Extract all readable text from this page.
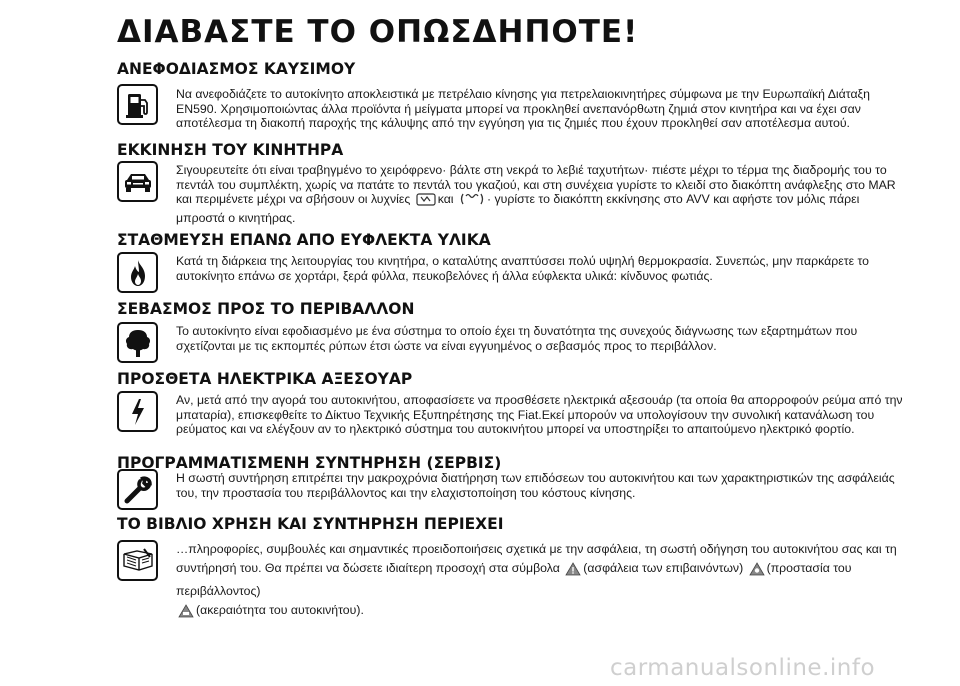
ΔΙΑΒΑΣΤΕ ΤΟ ΟΠΩΣΔΗΠΟΤΕ!
ΑΝΕΦΟΔΙΑΣΜΟΣ ΚΑΥΣΙΜΟΥ

Να ανεφοδιάζετε το αυτοκίνητο αποκλειστικά με πετρέλαιο κίνησης για πετρελαιοκινητήρες σύμφωνα με την Ευρωπαϊκή Διάταξη EN590. Χρησιμοποιώντας άλλα προϊόντα ή μείγματα μπορεί να προκληθεί ανεπανόρθωτη ζημιά στον κινητήρα και να έχει σαν αποτέλεσμα τη διακοπή παροχής της κάλυψης από την εγγύηση για τις ζημιές που έχουν προκληθεί σαν αποτέλεσμα αυτού.

ΕΚΚΙΝΗΣΗ ΤΟΥ ΚΙΝΗΤΗΡΑ

Σιγουρευτείτε ότι είναι τραβηγμένο το χειρόφρενο· βάλτε στη νεκρά το λεβιέ ταχυτήτων· πιέστε μέχρι το τέρμα της διαδρομής του το πεντάλ του συμπλέκτη, χωρίς να πατάτε το πεντάλ του γκαζιού, και στη συνέχεια γυρίστε το κλειδί στο διακόπτη ανάφλεξης στο MAR και περιμένετε μέχρι να σβήσουν οι λυχνίες και	· γυρίστε το διακόπτη εκκίνησης στο AVV και αφήστε τον μόλις πάρει μπροστά ο κινητήρας.

ΣΤΑΘΜΕΥΣΗ ΕΠΑΝΩ ΑΠΟ ΕΥΦΛΕΚΤΑ ΥΛΙΚΑ

Κατά τη διάρκεια της λειτουργίας του κινητήρα, ο καταλύτης αναπτύσσει πολύ υψηλή θερμοκρασία. Συνεπώς, μην παρκάρετε το αυτοκίνητο επάνω σε χορτάρι, ξερά φύλλα, πευκοβελόνες ή άλλα εύφλεκτα υλικά: κίνδυνος φωτιάς.

ΣΕΒΑΣΜΟΣ ΠΡΟΣ ΤΟ ΠΕΡΙΒΑΛΛΟΝ

Το αυτοκίνητο είναι εφοδιασμένο με ένα σύστημα το οποίο έχει τη δυνατότητα της συνεχούς διάγνωσης των εξαρτημάτων που σχετίζονται με τις εκπομπές ρύπων έτσι ώστε να είναι εγγυημένος ο σεβασμός προς το περιβάλλον.

ΠΡΟΣΘΕΤΑ ΗΛΕΚΤΡΙΚΑ ΑΞΕΣΟΥΑΡ

Αν, μετά από την αγορά του αυτοκινήτου, αποφασίσετε να προσθέσετε ηλεκτρικά αξεσουάρ (τα οποία θα απορροφούν ρεύμα από την μπαταρία), επισκεφθείτε το Δίκτυο Τεχνικής Εξυπηρέτησης της Fiat.Εκεί μπορούν να υπολογίσουν την συνολική κατανάλωση του ρεύματος και να ελέγξουν αν το ηλεκτρικό σύστημα του αυτοκινήτου μπορεί να υποστηρίξει το απαιτούμενο ηλεκτρικό φορτίο.

ΠΡΟΓΡΑΜΜΑΤΙΣΜΕΝΗ ΣΥΝΤΗΡΗΣΗ (ΣΕΡΒΙΣ)

Η σωστή συντήρηση επιτρέπει την μακροχρόνια διατήρηση των επιδόσεων του αυτοκινήτου και των χαρακτηριστικών της ασφάλειάς του, την προστασία του περιβάλλοντος και την ελαχιστοποίηση του κόστους κίνησης.

ΤΟ ΒΙΒΛΙΟ ΧΡΗΣΗ ΚΑΙ ΣΥΝΤΗΡΗΣΗ ΠΕΡΙΕΧΕΙ

…πληροφορίες, συμβουλές και σημαντικές προειδοποιήσεις σχετικά με την ασφάλεια, τη σωστή οδήγηση του αυτοκινήτου σας και τη συντήρησή του. Θα πρέπει να δώσετε ιδιαίτερη προσοχή στα σύμβολα (ασφάλεια των επιβαινόντων) (προστασία του περιβάλλοντος)
(ακεραιότητα του αυτοκινήτου).

carmanualsonline.info
